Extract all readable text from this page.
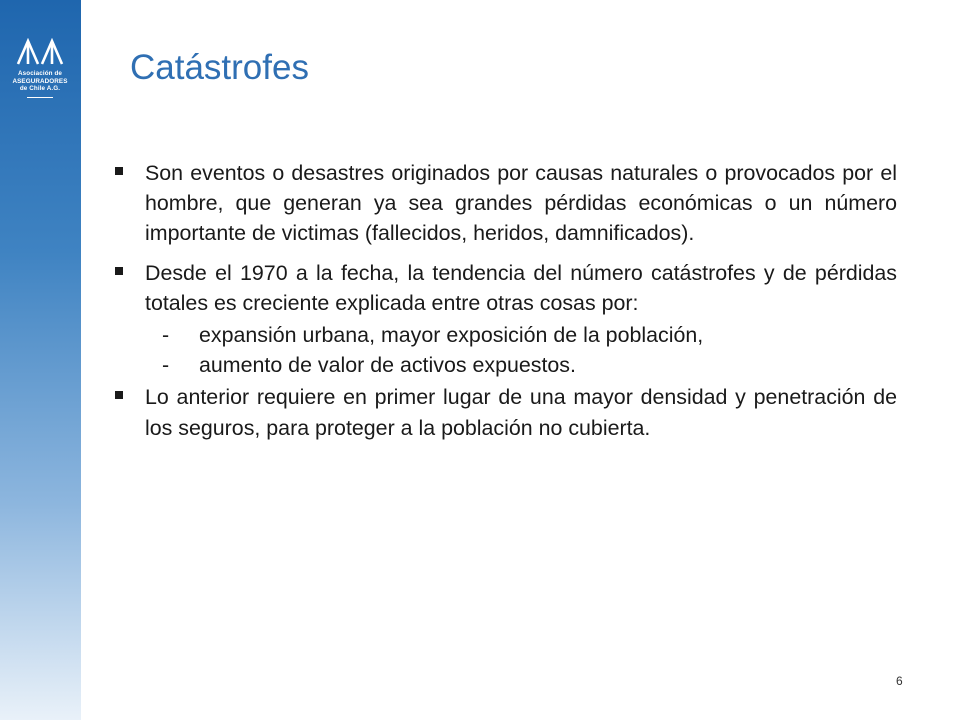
Asociación de
ASEGURADORES
de Chile A.G.
Catástrofes
Son eventos o desastres originados por causas naturales o provocados por el hombre, que generan ya sea grandes pérdidas económicas o un número importante de victimas (fallecidos, heridos, damnificados).
Desde el 1970 a la fecha, la tendencia del número catástrofes y de pérdidas totales es creciente explicada entre otras cosas por:
- expansión urbana, mayor exposición de la población,
- aumento de valor de activos expuestos.
Lo anterior requiere en primer lugar de una mayor densidad y penetración de los seguros, para proteger a la población no cubierta.
6
